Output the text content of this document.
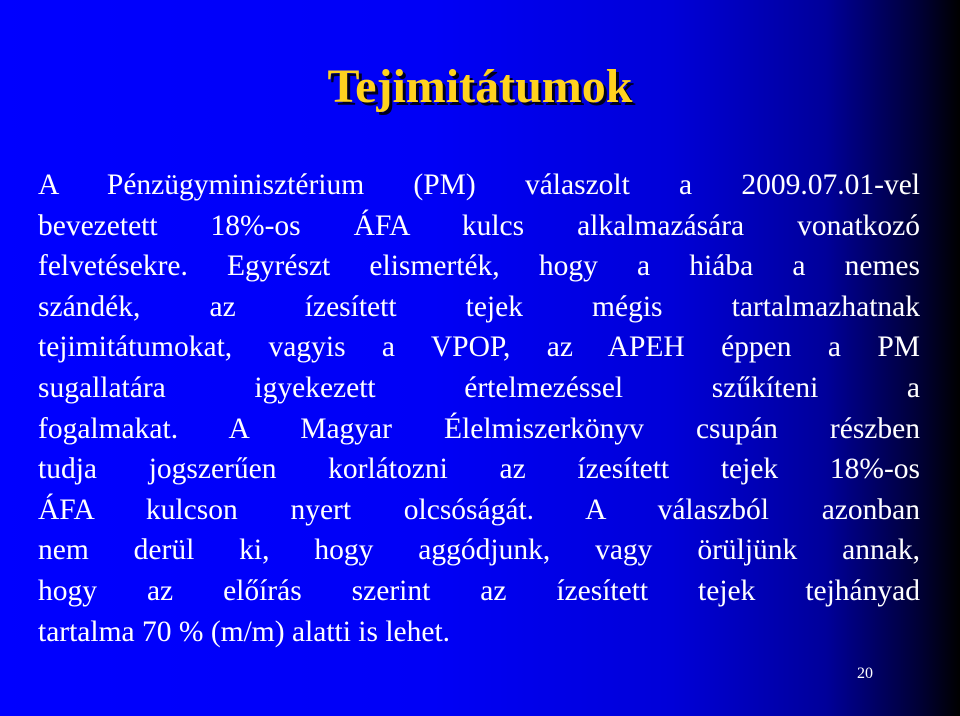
Tejimitátumok
A Pénzügyminisztérium (PM) válaszolt a 2009.07.01-vel
bevezetett 18%-os ÁFA kulcs alkalmazására vonatkozó
felvetésekre. Egyrészt elismerték, hogy a hiába a nemes
szándék, az ízesített tejek mégis tartalmazhatnak
tejimitátumokat, vagyis a VPOP, az APEH éppen a PM
sugallatára igyekezett értelmezéssel szűkíteni a
fogalmakat. A Magyar Élelmiszerkönyv csupán részben
tudja jogszerűen korlátozni az ízesített tejek 18%-os
ÁFA kulcson nyert olcsóságát. A válaszból azonban
nem derül ki, hogy aggódjunk, vagy örüljünk annak,
hogy az előírás szerint az ízesített tejek tejhányad
tartalma 70 % (m/m) alatti is lehet.
20
